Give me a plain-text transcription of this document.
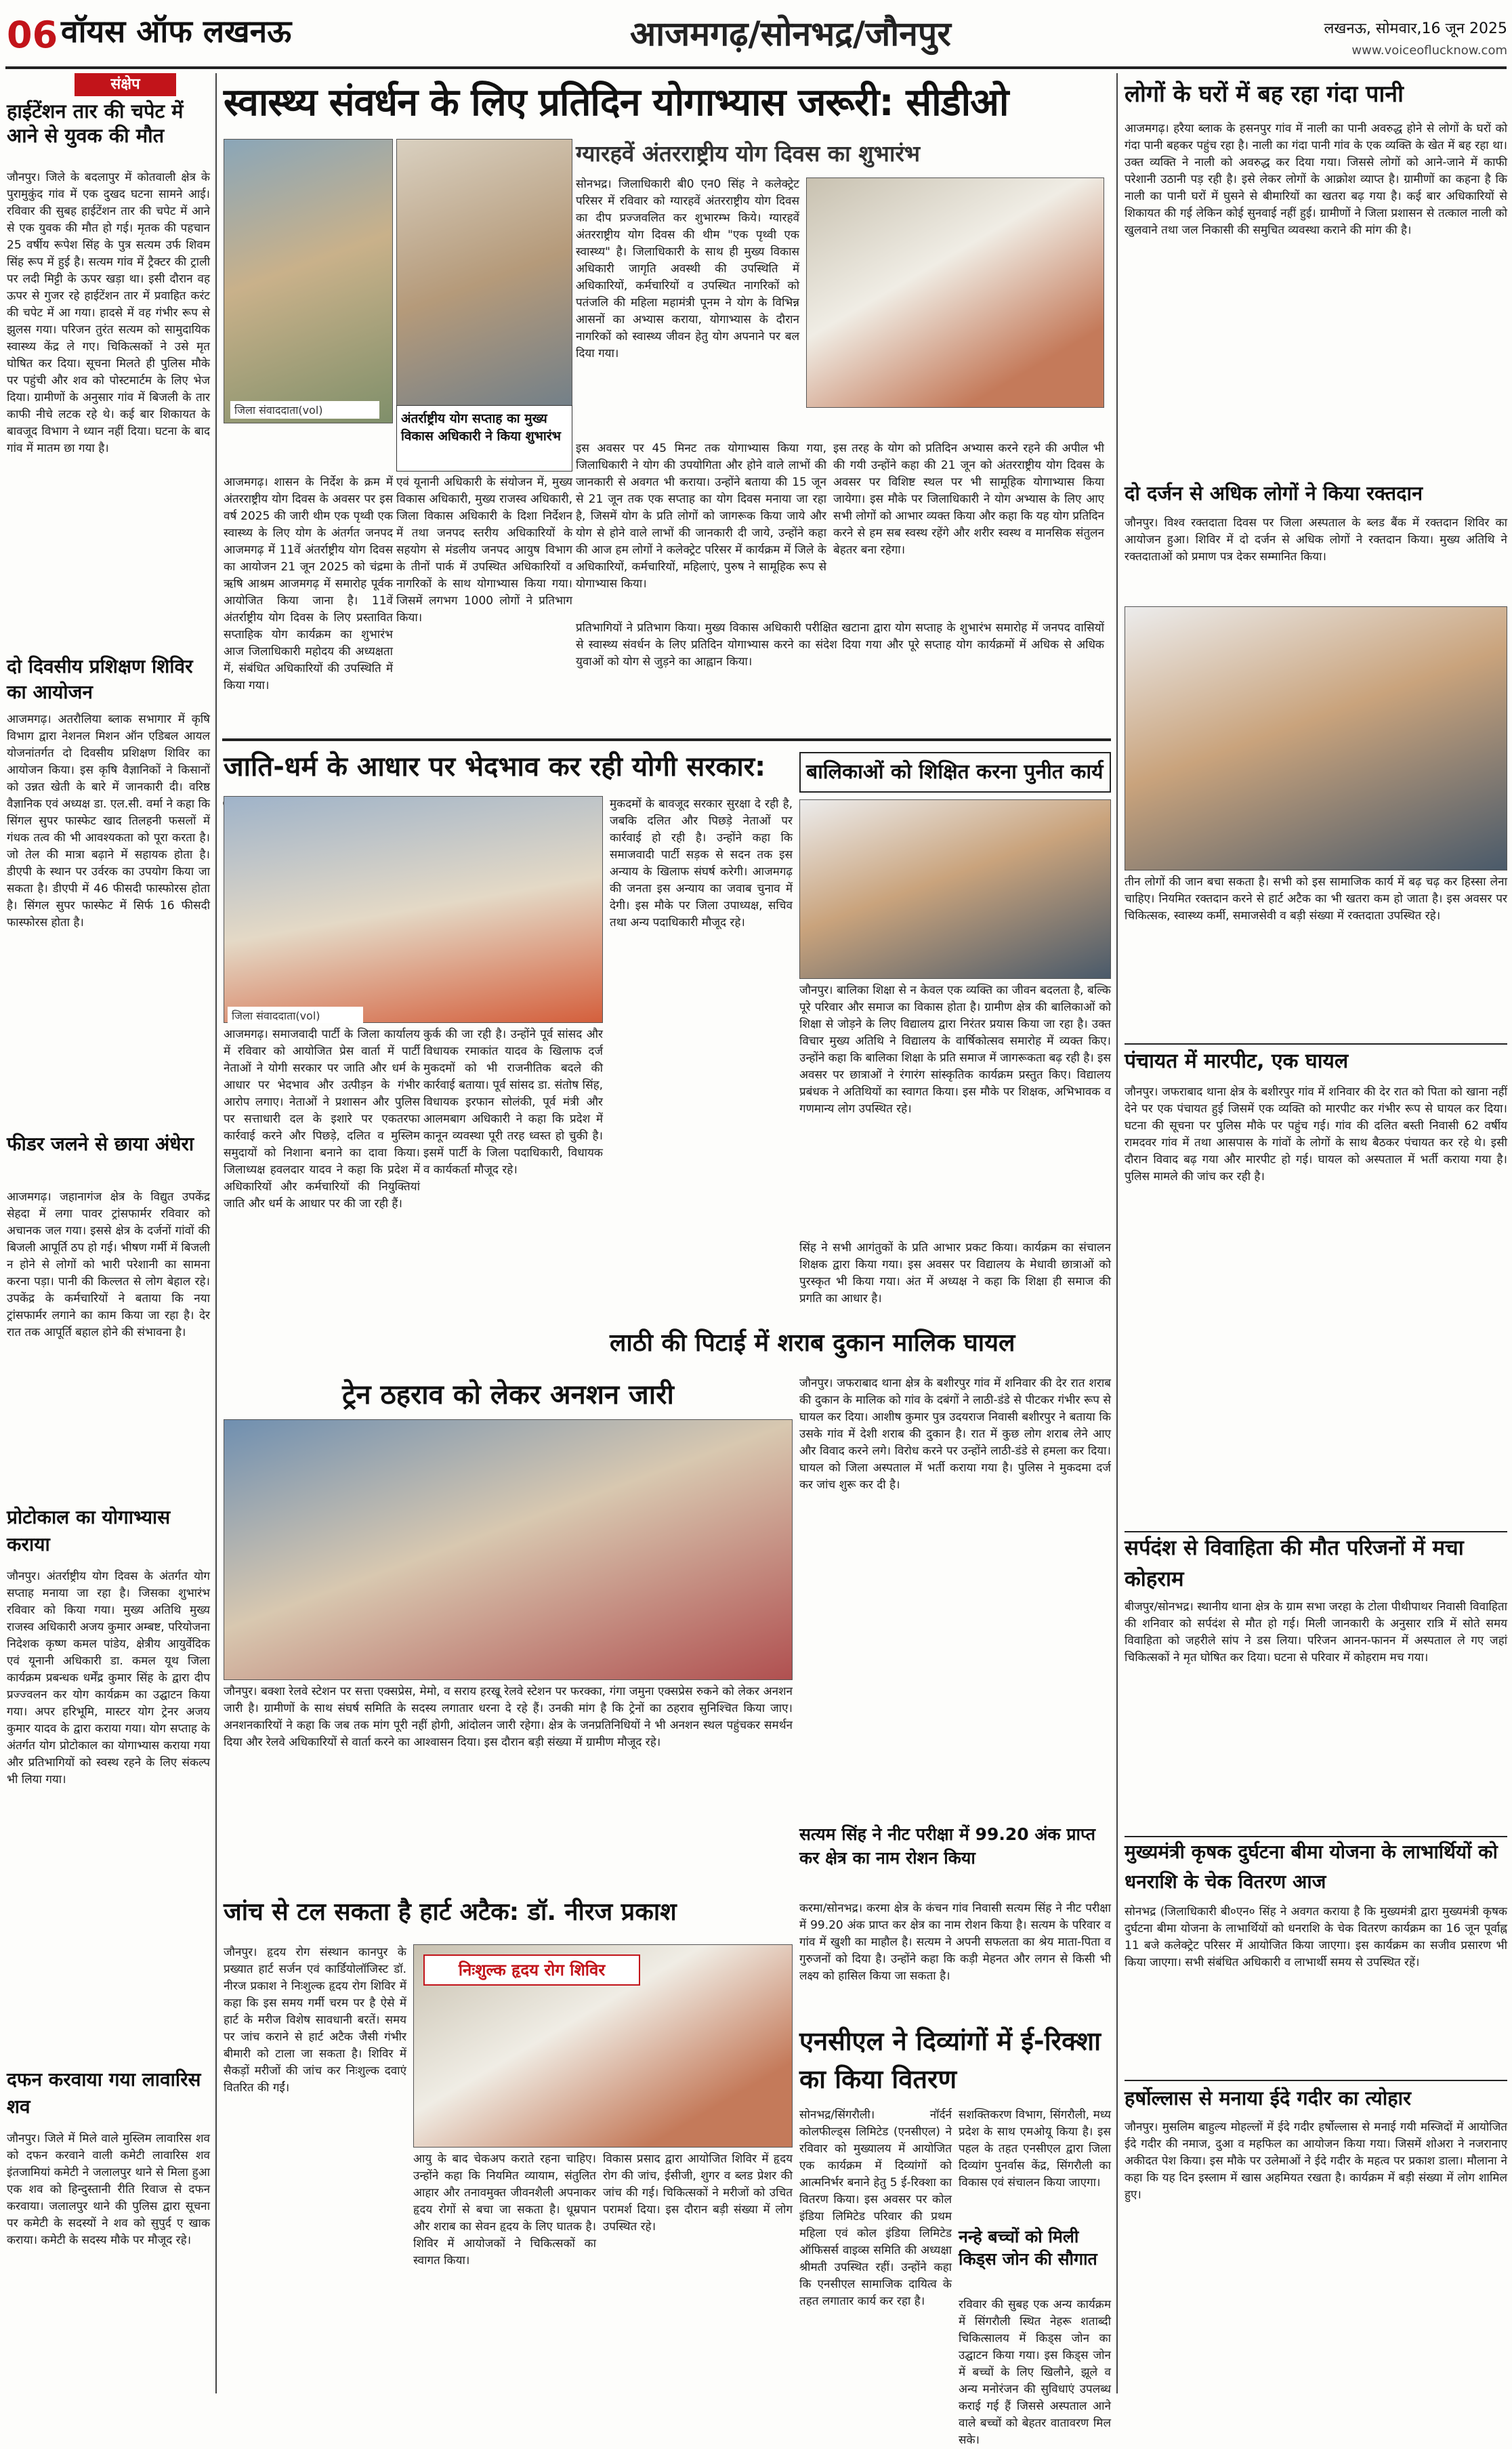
06 वॉयस ऑफ लखनऊ	आजमगढ़/सोनभद्र/जौनपुर	लखनऊ, सोमवार,16 जून 2025
www.voiceoflucknow.com
संक्षेप
हाईटेंशन तार की चपेट में आने से युवक की मौत
जौनपुर। जिले के बदलापुर में कोतवाली क्षेत्र के पुरामुकुंद गांव में एक दुखद घटना सामने आई। रविवार की सुबह हाईटेंशन तार की चपेट में आने से एक युवक की मौत हो गई। मृतक की पहचान 25 वर्षीय रूपेश सिंह के पुत्र सत्यम उर्फ शिवम सिंह रूप में हुई है। सत्यम गांव में ट्रैक्टर की ट्राली पर लदी मिट्टी के ऊपर खड़ा था। इसी दौरान वह ऊपर से गुजर रहे हाईटेंशन तार में प्रवाहित करंट की चपेट में आ गया। हादसे में वह गंभीर रूप से झुलस गया। परिजन तुरंत सत्यम को सामुदायिक स्वास्थ्य केंद्र ले गए। चिकित्सकों ने उसे मृत घोषित कर दिया। सूचना मिलते ही पुलिस मौके पर पहुंची और शव को पोस्टमार्टम के लिए भेज दिया। ग्रामीणों के अनुसार गांव में बिजली के तार काफी नीचे लटक रहे थे। कई बार शिकायत के बावजूद विभाग ने ध्यान नहीं दिया। घटना के बाद गांव में मातम छा गया है।
दो दिवसीय प्रशिक्षण शिविर का आयोजन
आजमगढ़। अतरौलिया ब्लाक सभागार में कृषि विभाग द्वारा नेशनल मिशन ऑन एडिबल आयल योजनांतर्गत दो दिवसीय प्रशिक्षण शिविर का आयोजन किया। इस कृषि वैज्ञानिकों ने किसानों को उन्नत खेती के बारे में जानकारी दी। वरिष्ठ वैज्ञानिक एवं अध्यक्ष डा. एल.सी. वर्मा ने कहा कि सिंगल सुपर फास्फेट खाद तिलहनी फसलों में गंधक तत्व की भी आवश्यकता को पूरा करता है। जो तेल की मात्रा बढ़ाने में सहायक होता है। डीएपी के स्थान पर उर्वरक का उपयोग किया जा सकता है। डीएपी में 46 फीसदी फास्फोरस होता है। सिंगल सुपर फास्फेट में सिर्फ 16 फीसदी फास्फोरस होता है।
फीडर जलने से छाया अंधेरा
आजमगढ़। जहानागंज क्षेत्र के विद्युत उपकेंद्र सेहदा में लगा पावर ट्रांसफार्मर रविवार को अचानक जल गया। इससे क्षेत्र के दर्जनों गांवों की बिजली आपूर्ति ठप हो गई। भीषण गर्मी में बिजली न होने से लोगों को भारी परेशानी का सामना करना पड़ा। पानी की किल्लत से लोग बेहाल रहे। उपकेंद्र के कर्मचारियों ने बताया कि नया ट्रांसफार्मर लगाने का काम किया जा रहा है। देर रात तक आपूर्ति बहाल होने की संभावना है।
प्रोटोकाल का योगाभ्यास कराया
जौनपुर। अंतर्राष्ट्रीय योग दिवस के अंतर्गत योग सप्ताह मनाया जा रहा है। जिसका शुभारंभ रविवार को किया गया। मुख्य अतिथि मुख्य राजस्व अधिकारी अजय कुमार अम्बष्ट, परियोजना निदेशक कृष्ण कमल पांडेय, क्षेत्रीय आयुर्वेदिक एवं यूनानी अधिकारी डा. कमल यूथ जिला कार्यक्रम प्रबन्धक धर्मेंद्र कुमार सिंह के द्वारा दीप प्रज्ज्वलन कर योग कार्यक्रम का उद्घाटन किया गया। अपर हरिभूमि, मास्टर योग ट्रेनर अजय कुमार यादव के द्वारा कराया गया। योग सप्ताह के अंतर्गत योग प्रोटोकाल का योगाभ्यास कराया गया और प्रतिभागियों को स्वस्थ रहने के लिए संकल्प भी लिया गया।
दफन करवाया गया लावारिस शव
जौनपुर। जिले में मिले वाले मुस्लिम लावारिस शव को दफन करवाने वाली कमेटी लावारिस शव इंतजामियां कमेटी ने जलालपुर थाने से मिला हुआ एक शव को हिन्दुस्तानी रीति रिवाज से दफन करवाया। जलालपुर थाने की पुलिस द्वारा सूचना पर कमेटी के सदस्यों ने शव को सुपुर्द ए खाक कराया। कमेटी के सदस्य मौके पर मौजूद रहे।
स्वास्थ्य संवर्धन के लिए प्रतिदिन योगाभ्यास जरूरी: सीडीओ
जिला संवाददाता(vol)
अंतर्राष्ट्रीय योग सप्ताह का मुख्य विकास अधिकारी ने किया शुभारंभ
ग्यारहवें अंतरराष्ट्रीय योग दिवस का शुभारंभ
सोनभद्र। जिलाधिकारी बी0 एन0 सिंह ने कलेक्ट्रेट परिसर में रविवार को ग्यारहवें अंतरराष्ट्रीय योग दिवस का दीप प्रज्जवलित कर शुभारम्भ किये। ग्यारहवें अंतरराष्ट्रीय योग दिवस की थीम "एक पृथ्वी एक स्वास्थ्य" है। जिलाधिकारी के साथ ही मुख्य विकास अधिकारी जागृति अवस्थी की उपस्थिति में अधिकारियों, कर्मचारियों व उपस्थित नागरिकों को पतंजलि की महिला महामंत्री पूनम ने योग के विभिन्न आसनों का अभ्यास कराया, योगाभ्यास के दौरान नागरिकों को स्वास्थ्य जीवन हेतु योग अपनाने पर बल दिया गया।
इस अवसर पर 45 मिनट तक योगाभ्यास किया गया, जिलाधिकारी ने योग की उपयोगिता और होने वाले लाभों की जानकारी से अवगत भी कराया। उन्होंने बताया की 15 जून से 21 जून तक एक सप्ताह का योग दिवस मनाया जा रहा है, जिसमें योग के प्रति लोगों को जागरूक किया जाये और योग से होने वाले लाभों की जानकारी दी जाये, उन्होंने कहा की आज हम लोगों ने कलेक्ट्रेट परिसर में कार्यक्रम में जिले के अधिकारियों, कर्मचारियों, महिलाएं, पुरुष ने सामूहिक रूप से योगाभ्यास किया।
इस तरह के योग को प्रतिदिन अभ्यास करने रहने की अपील भी की गयी उन्होंने कहा की 21 जून को अंतरराष्ट्रीय योग दिवस के अवसर पर विशिष्ट स्थल पर भी सामूहिक योगाभ्यास किया जायेगा। इस मौके पर जिलाधिकारी ने योग अभ्यास के लिए आए सभी लोगों को आभार व्यक्त किया और कहा कि यह योग प्रतिदिन करने से हम सब स्वस्थ रहेंगे और शरीर स्वस्थ व मानसिक संतुलन बेहतर बना रहेगा।
आजमगढ़। शासन के निर्देश के क्रम में अंतरराष्ट्रीय योग दिवस के अवसर पर इस वर्ष 2025 की जारी थीम एक पृथ्वी एक स्वास्थ्य के लिए योग के अंतर्गत जनपद आजमगढ़ में 11वें अंतर्राष्ट्रीय योग दिवस का आयोजन 21 जून 2025 को चंद्रमा ऋषि आश्रम आजमगढ़ में समारोह पूर्वक आयोजित किया जाना है। 11वें अंतर्राष्ट्रीय योग दिवस के लिए प्रस्तावित सप्ताहिक योग कार्यक्रम का शुभारंभ आज जिलाधिकारी महोदय की अध्यक्षता में, संबंधित अधिकारियों की उपस्थिति में किया गया।
एवं यूनानी अधिकारी के संयोजन में, मुख्य विकास अधिकारी, मुख्य राजस्व अधिकारी, जिला विकास अधिकारी के दिशा निर्देशन में तथा जनपद स्तरीय अधिकारियों के सहयोग से मंडलीय जनपद आयुष विभाग के तीनों पार्क में उपस्थित अधिकारियों व नागरिकों के साथ योगाभ्यास किया गया। जिसमें लगभग 1000 लोगों ने प्रतिभाग किया।
प्रतिभागियों ने प्रतिभाग किया। मुख्य विकास अधिकारी परीक्षित खटाना द्वारा योग सप्ताह के शुभारंभ समारोह में जनपद वासियों से स्वास्थ्य संवर्धन के लिए प्रतिदिन योगाभ्यास करने का संदेश दिया गया और पूरे सप्ताह योग कार्यक्रमों में अधिक से अधिक युवाओं को योग से जुड़ने का आह्वान किया।
जाति-धर्म के आधार पर भेदभाव कर रही योगी सरकार:
जिला संवाददाता(vol)
आजमगढ़। समाजवादी पार्टी के जिला कार्यालय में रविवार को आयोजित प्रेस वार्ता में पार्टी नेताओं ने योगी सरकार पर जाति और धर्म के आधार पर भेदभाव और उत्पीड़न के गंभीर आरोप लगाए। नेताओं ने प्रशासन और पुलिस पर सत्ताधारी दल के इशारे पर एकतरफा कार्रवाई करने और पिछड़े, दलित व मुस्लिम समुदायों को निशाना बनाने का दावा किया। जिलाध्यक्ष हवलदार यादव ने कहा कि प्रदेश में अधिकारियों और कर्मचारियों की नियुक्तियां जाति और धर्म के आधार पर की जा रही हैं।
कुर्क की जा रही है। उन्होंने पूर्व सांसद और विधायक रमाकांत यादव के खिलाफ दर्ज मुकदमों को भी राजनीतिक बदले की कार्रवाई बताया। पूर्व सांसद डा. संतोष सिंह, विधायक इरफान सोलंकी, पूर्व मंत्री और आलमबाग अधिकारी ने कहा कि प्रदेश में कानून व्यवस्था पूरी तरह ध्वस्त हो चुकी है। इसमें पार्टी के जिला पदाधिकारी, विधायक व कार्यकर्ता मौजूद रहे।
मुकदमों के बावजूद सरकार सुरक्षा दे रही है, जबकि दलित और पिछड़े नेताओं पर कार्रवाई हो रही है। उन्होंने कहा कि समाजवादी पार्टी सड़क से सदन तक इस अन्याय के खिलाफ संघर्ष करेगी। आजमगढ़ की जनता इस अन्याय का जवाब चुनाव में देगी। इस मौके पर जिला उपाध्यक्ष, सचिव तथा अन्य पदाधिकारी मौजूद रहे।
बालिकाओं को शिक्षित करना पुनीत कार्य
जौनपुर। बालिका शिक्षा से न केवल एक व्यक्ति का जीवन बदलता है, बल्कि पूरे परिवार और समाज का विकास होता है। ग्रामीण क्षेत्र की बालिकाओं को शिक्षा से जोड़ने के लिए विद्यालय द्वारा निरंतर प्रयास किया जा रहा है। उक्त विचार मुख्य अतिथि ने विद्यालय के वार्षिकोत्सव समारोह में व्यक्त किए। उन्होंने कहा कि बालिका शिक्षा के प्रति समाज में जागरूकता बढ़ रही है। इस अवसर पर छात्राओं ने रंगारंग सांस्कृतिक कार्यक्रम प्रस्तुत किए। विद्यालय प्रबंधक ने अतिथियों का स्वागत किया। इस मौके पर शिक्षक, अभिभावक व गणमान्य लोग उपस्थित रहे।
सिंह ने सभी आगंतुकों के प्रति आभार प्रकट किया। कार्यक्रम का संचालन शिक्षक द्वारा किया गया। इस अवसर पर विद्यालय के मेधावी छात्राओं को पुरस्कृत भी किया गया। अंत में अध्यक्ष ने कहा कि शिक्षा ही समाज की प्रगति का आधार है।
ट्रेन ठहराव को लेकर अनशन जारी
जौनपुर। बक्शा रेलवे स्टेशन पर सत्ता एक्सप्रेस, मेमो, व सराय हरखू रेलवे स्टेशन पर फरक्का, गंगा जमुना एक्सप्रेस रुकने को लेकर अनशन जारी है। ग्रामीणों के साथ संघर्ष समिति के सदस्य लगातार धरना दे रहे हैं। उनकी मांग है कि ट्रेनों का ठहराव सुनिश्चित किया जाए। अनशनकारियों ने कहा कि जब तक मांग पूरी नहीं होगी, आंदोलन जारी रहेगा। क्षेत्र के जनप्रतिनिधियों ने भी अनशन स्थल पहुंचकर समर्थन दिया और रेलवे अधिकारियों से वार्ता करने का आश्वासन दिया। इस दौरान बड़ी संख्या में ग्रामीण मौजूद रहे।
लाठी की पिटाई में शराब दुकान मालिक घायल
जौनपुर। जफराबाद थाना क्षेत्र के बशीरपुर गांव में शनिवार की देर रात शराब की दुकान के मालिक को गांव के दबंगों ने लाठी-डंडे से पीटकर गंभीर रूप से घायल कर दिया। आशीष कुमार पुत्र उदयराज निवासी बशीरपुर ने बताया कि उसके गांव में देशी शराब की दुकान है। रात में कुछ लोग शराब लेने आए और विवाद करने लगे। विरोध करने पर उन्होंने लाठी-डंडे से हमला कर दिया। घायल को जिला अस्पताल में भर्ती कराया गया है। पुलिस ने मुकदमा दर्ज कर जांच शुरू कर दी है।
सत्यम सिंह ने नीट परीक्षा में 99.20 अंक प्राप्त कर क्षेत्र का नाम रोशन किया
करमा/सोनभद्र। करमा क्षेत्र के कंचन गांव निवासी सत्यम सिंह ने नीट परीक्षा में 99.20 अंक प्राप्त कर क्षेत्र का नाम रोशन किया है। सत्यम के परिवार व गांव में खुशी का माहौल है। सत्यम ने अपनी सफलता का श्रेय माता-पिता व गुरुजनों को दिया है। उन्होंने कहा कि कड़ी मेहनत और लगन से किसी भी लक्ष्य को हासिल किया जा सकता है।
जांच से टल सकता है हार्ट अटैक: डॉ. नीरज प्रकाश
जौनपुर। हृदय रोग संस्थान कानपुर के प्रख्यात हार्ट सर्जन एवं कार्डियोलॉजिस्ट डॉ. नीरज प्रकाश ने निःशुल्क हृदय रोग शिविर में कहा कि इस समय गर्मी चरम पर है ऐसे में हार्ट के मरीज विशेष सावधानी बरतें। समय पर जांच कराने से हार्ट अटैक जैसी गंभीर बीमारी को टाला जा सकता है। शिविर में सैकड़ों मरीजों की जांच कर निःशुल्क दवाएं वितरित की गईं।
निःशुल्क हृदय रोग शिविर
आयु के बाद चेकअप कराते रहना चाहिए। उन्होंने कहा कि नियमित व्यायाम, संतुलित आहार और तनावमुक्त जीवनशैली अपनाकर हृदय रोगों से बचा जा सकता है। धूम्रपान और शराब का सेवन हृदय के लिए घातक है। शिविर में आयोजकों ने चिकित्सकों का स्वागत किया।
विकास प्रसाद द्वारा आयोजित शिविर में हृदय रोग की जांच, ईसीजी, शुगर व ब्लड प्रेशर की जांच की गई। चिकित्सकों ने मरीजों को उचित परामर्श दिया। इस दौरान बड़ी संख्या में लोग उपस्थित रहे।
एनसीएल ने दिव्यांगों में ई-रिक्शा का किया वितरण
सोनभद्र/सिंगरौली। नॉर्दर्न कोलफील्ड्स लिमिटेड (एनसीएल) ने रविवार को मुख्यालय में आयोजित एक कार्यक्रम में दिव्यांगों को आत्मनिर्भर बनाने हेतु 5 ई-रिक्शा का वितरण किया। इस अवसर पर कोल इंडिया लिमिटेड परिवार की प्रथम महिला एवं कोल इंडिया लिमिटेड ऑफिसर्स वाइव्स समिति की अध्यक्षा श्रीमती उपस्थित रहीं। उन्होंने कहा कि एनसीएल सामाजिक दायित्व के तहत लगातार कार्य कर रहा है।
सशक्तिकरण विभाग, सिंगरौली, मध्य प्रदेश के साथ एमओयू किया है। इस पहल के तहत एनसीएल द्वारा जिला दिव्यांग पुनर्वास केंद्र, सिंगरौली का विकास एवं संचालन किया जाएगा।
नन्हे बच्चों को मिली किड्स जोन की सौगात
रविवार की सुबह एक अन्य कार्यक्रम में सिंगरौली स्थित नेहरू शताब्दी चिकित्सालय में किड्स जोन का उद्घाटन किया गया। इस किड्स जोन में बच्चों के लिए खिलौने, झूले व अन्य मनोरंजन की सुविधाएं उपलब्ध कराई गई हैं जिससे अस्पताल आने वाले बच्चों को बेहतर वातावरण मिल सके।
लोगों के घरों में बह रहा गंदा पानी
आजमगढ़। हरैया ब्लाक के हसनपुर गांव में नाली का पानी अवरुद्ध होने से लोगों के घरों को गंदा पानी बहकर पहुंच रहा है। नाली का गंदा पानी गांव के एक व्यक्ति के खेत में बह रहा था। उक्त व्यक्ति ने नाली को अवरुद्ध कर दिया गया। जिससे लोगों को आने-जाने में काफी परेशानी उठानी पड़ रही है। इसे लेकर लोगों के आक्रोश व्याप्त है। ग्रामीणों का कहना है कि नाली का पानी घरों में घुसने से बीमारियों का खतरा बढ़ गया है। कई बार अधिकारियों से शिकायत की गई लेकिन कोई सुनवाई नहीं हुई। ग्रामीणों ने जिला प्रशासन से तत्काल नाली को खुलवाने तथा जल निकासी की समुचित व्यवस्था कराने की मांग की है।
दो दर्जन से अधिक लोगों ने किया रक्तदान
जौनपुर। विश्व रक्तदाता दिवस पर जिला अस्पताल के ब्लड बैंक में रक्तदान शिविर का आयोजन हुआ। शिविर में दो दर्जन से अधिक लोगों ने रक्तदान किया। मुख्य अतिथि ने रक्तदाताओं को प्रमाण पत्र देकर सम्मानित किया।
तीन लोगों की जान बचा सकता है। सभी को इस सामाजिक कार्य में बढ़ चढ़ कर हिस्सा लेना चाहिए। नियमित रक्तदान करने से हार्ट अटैक का भी खतरा कम हो जाता है। इस अवसर पर चिकित्सक, स्वास्थ्य कर्मी, समाजसेवी व बड़ी संख्या में रक्तदाता उपस्थित रहे।
पंचायत में मारपीट, एक घायल
जौनपुर। जफराबाद थाना क्षेत्र के बशीरपुर गांव में शनिवार की देर रात को पिता को खाना नहीं देने पर एक पंचायत हुई जिसमें एक व्यक्ति को मारपीट कर गंभीर रूप से घायल कर दिया। घटना की सूचना पर पुलिस मौके पर पहुंच गई। गांव की दलित बस्ती निवासी 62 वर्षीय रामदवर गांव में तथा आसपास के गांवों के लोगों के साथ बैठकर पंचायत कर रहे थे। इसी दौरान विवाद बढ़ गया और मारपीट हो गई। घायल को अस्पताल में भर्ती कराया गया है। पुलिस मामले की जांच कर रही है।
सर्पदंश से विवाहिता की मौत परिजनों में मचा कोहराम
बीजपुर/सोनभद्र। स्थानीय थाना क्षेत्र के ग्राम सभा जरहा के टोला पीथीपाथर निवासी विवाहिता की शनिवार को सर्पदंश से मौत हो गई। मिली जानकारी के अनुसार रात्रि में सोते समय विवाहिता को जहरीले सांप ने डस लिया। परिजन आनन-फानन में अस्पताल ले गए जहां चिकित्सकों ने मृत घोषित कर दिया। घटना से परिवार में कोहराम मच गया।
मुख्यमंत्री कृषक दुर्घटना बीमा योजना के लाभार्थियों को धनराशि के चेक वितरण आज
सोनभद्र (जिलाधिकारी बी०एन० सिंह ने अवगत कराया है कि मुख्यमंत्री द्वारा मुख्यमंत्री कृषक दुर्घटना बीमा योजना के लाभार्थियों को धनराशि के चेक वितरण कार्यक्रम का 16 जून पूर्वाह्न 11 बजे कलेक्ट्रेट परिसर में आयोजित किया जाएगा। इस कार्यक्रम का सजीव प्रसारण भी किया जाएगा। सभी संबंधित अधिकारी व लाभार्थी समय से उपस्थित रहें।
हर्षोल्लास से मनाया ईदे गदीर का त्योहार
जौनपुर। मुसलिम बाहुल्य मोहल्लों में ईदे गदीर हर्षोल्लास से मनाई गयी मस्जिदों में आयोजित ईदे गदीर की नमाज, दुआ व महफिल का आयोजन किया गया। जिसमें शोअरा ने नजरानाए अकीदत पेश किया। इस मौके पर उलेमाओं ने ईदे गदीर के महत्व पर प्रकाश डाला। मौलाना ने कहा कि यह दिन इस्लाम में खास अहमियत रखता है। कार्यक्रम में बड़ी संख्या में लोग शामिल हुए।
